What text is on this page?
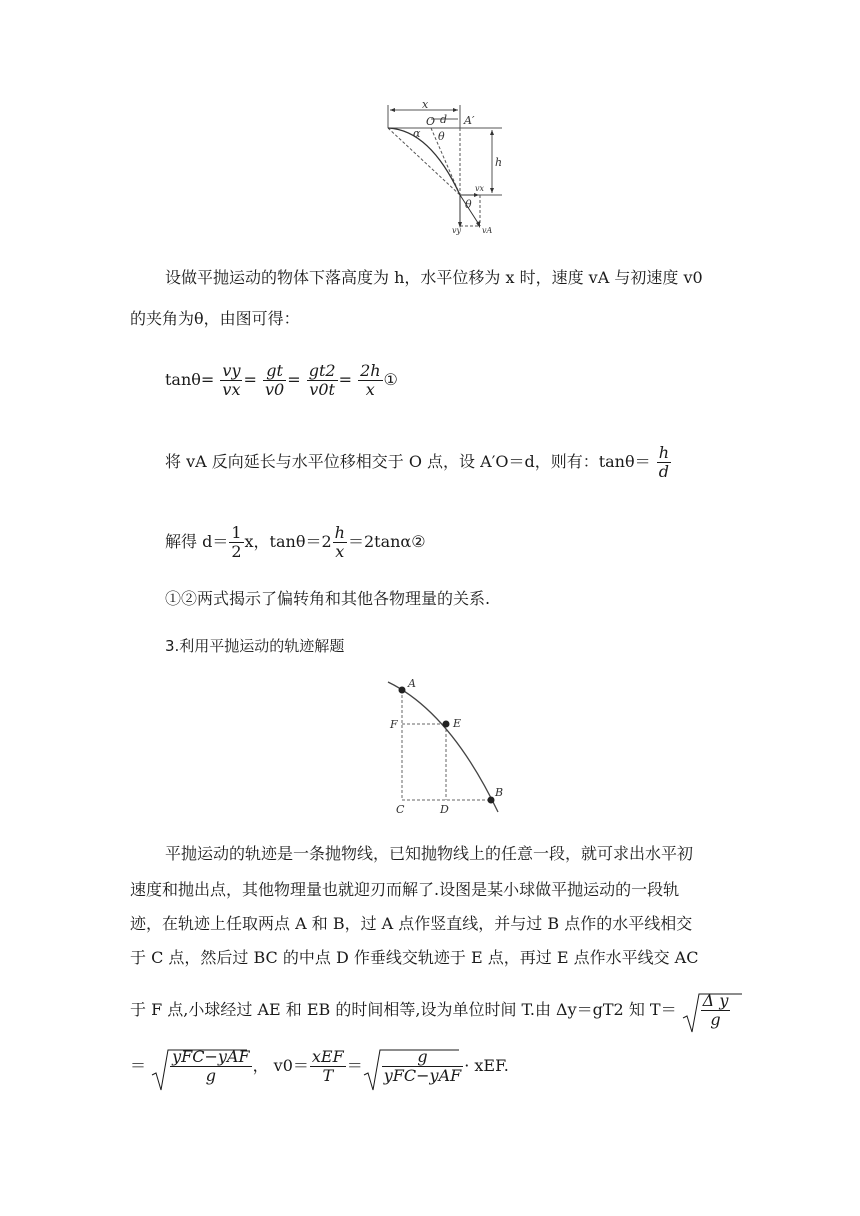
x
d
O	A′
α θ
h
vx
θ
vy	vA
设做平抛运动的物体下落高度为 h，水平位移为 x 时，速度 vA 与初速度 v0
的夹角为θ，由图可得：
$\tan\theta= \frac{vy}{vx} = \frac{gt}{v0} = \frac{gt2}{v0t} = \frac{2h}{x}$ ①
将 vA 反向延长与水平位移相交于 O 点，设 A′O＝d，则有：$\tan\theta= \frac{h}{d}$
解得 $d= \frac{1}{2}$ x，$\tan\theta=2 \frac{h}{x}$ ＝2tanα②
①②两式揭示了偏转角和其他各物理量的关系.
3.利用平抛运动的轨迹解题
A
E
F
C	D
B
平抛运动的轨迹是一条抛物线，已知抛物线上的任意一段，就可求出水平初
速度和抛出点，其他物理量也就迎刃而解了.设图是某小球做平抛运动的一段轨
迹，在轨迹上任取两点 A 和 B，过 A 点作竖直线，并与过 B 点作的水平线相交
于 C 点，然后过 BC 的中点 D 作垂线交轨迹于 E 点，再过 E 点作水平线交 AC
于 F 点,小球经过 AE 和 EB 的时间相等,设为单位时间 T.由 Δy＝gT2 知 $T= \frac{\text{Δ y}}{g}$
＝ $\frac{\text{yFC−yAF}}{g}$ ， $v0= \frac{\text{xEF}}{T} = \frac{g}{\text{yFC−yAF}}$ · xEF.
